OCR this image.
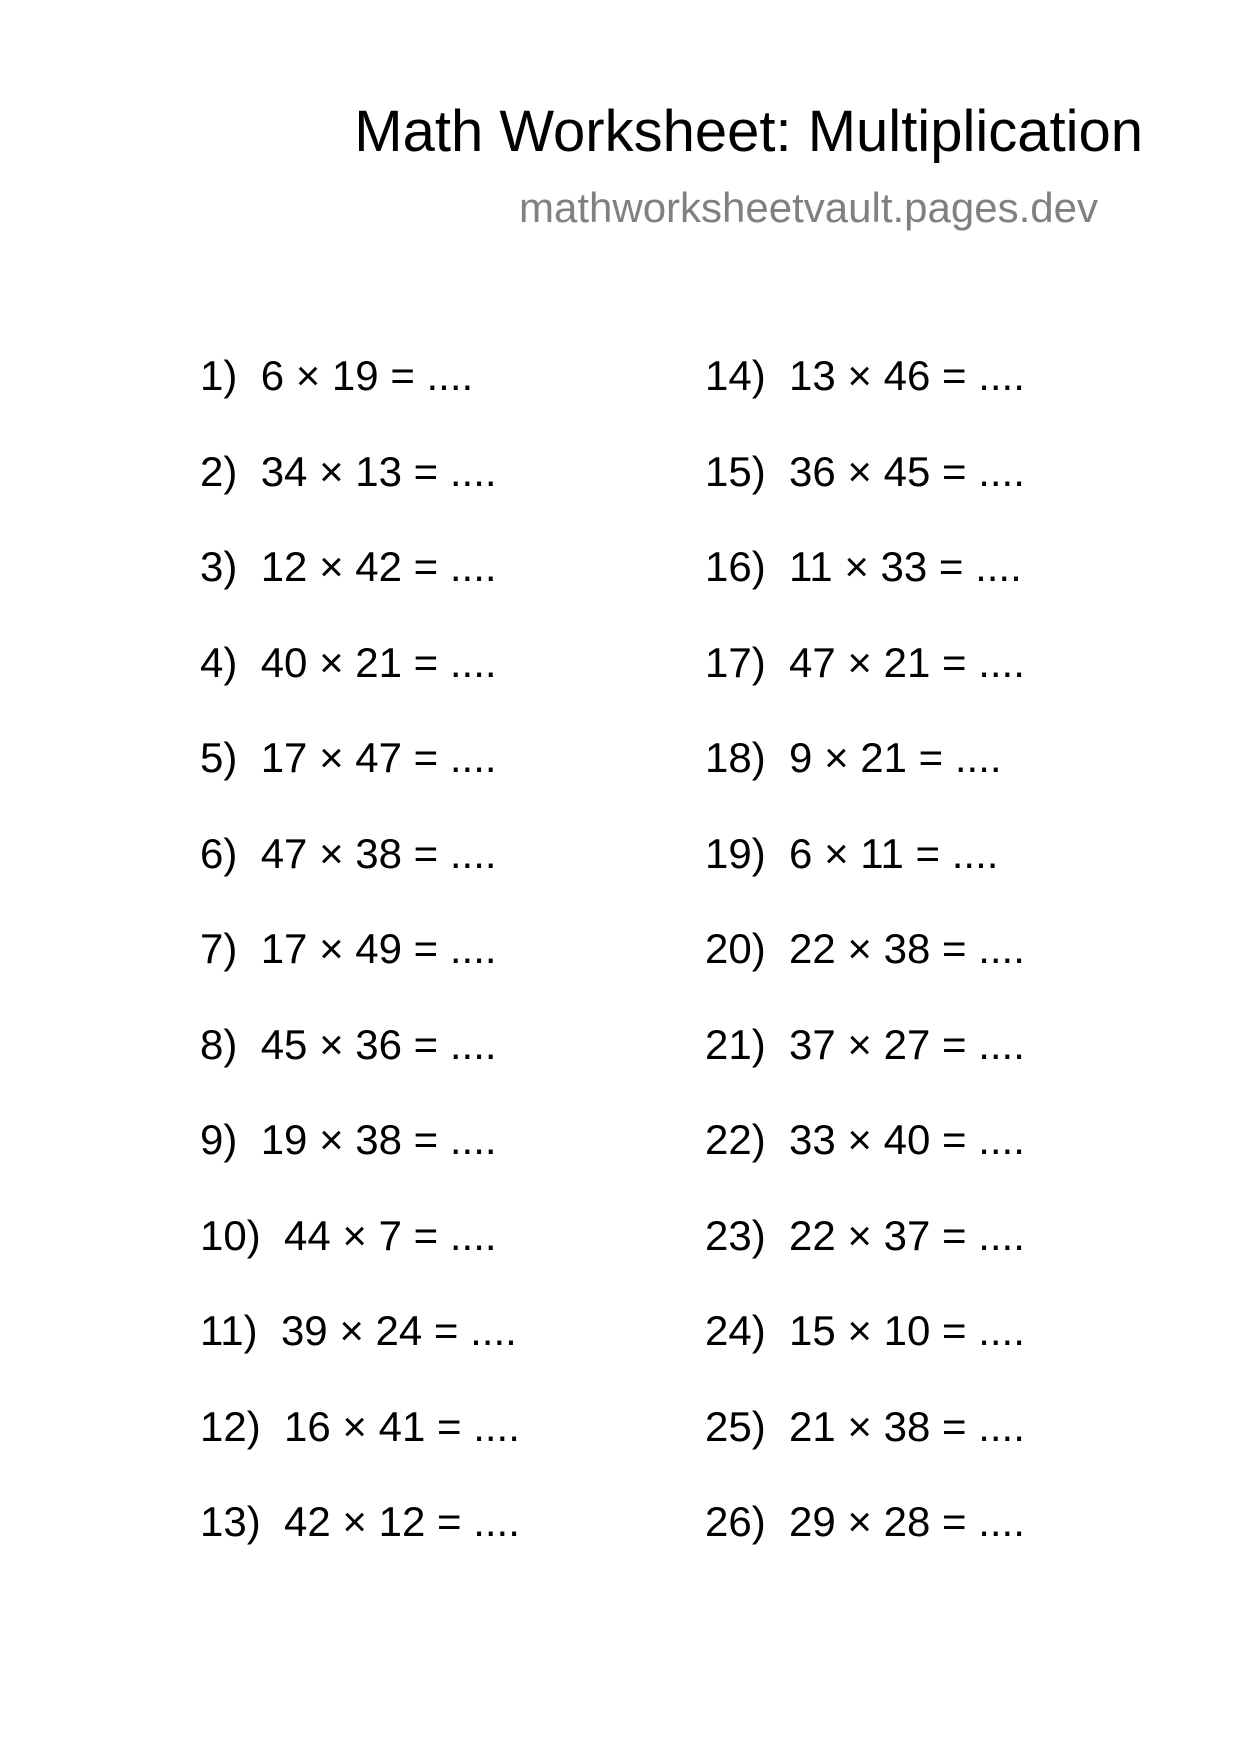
Math Worksheet: Multiplication
mathworksheetvault.pages.dev
1) 6 × 19 = ....
2) 34 × 13 = ....
3) 12 × 42 = ....
4) 40 × 21 = ....
5) 17 × 47 = ....
6) 47 × 38 = ....
7) 17 × 49 = ....
8) 45 × 36 = ....
9) 19 × 38 = ....
10) 44 × 7 = ....
11) 39 × 24 = ....
12) 16 × 41 = ....
13) 42 × 12 = ....
14) 13 × 46 = ....
15) 36 × 45 = ....
16) 11 × 33 = ....
17) 47 × 21 = ....
18) 9 × 21 = ....
19) 6 × 11 = ....
20) 22 × 38 = ....
21) 37 × 27 = ....
22) 33 × 40 = ....
23) 22 × 37 = ....
24) 15 × 10 = ....
25) 21 × 38 = ....
26) 29 × 28 = ....
